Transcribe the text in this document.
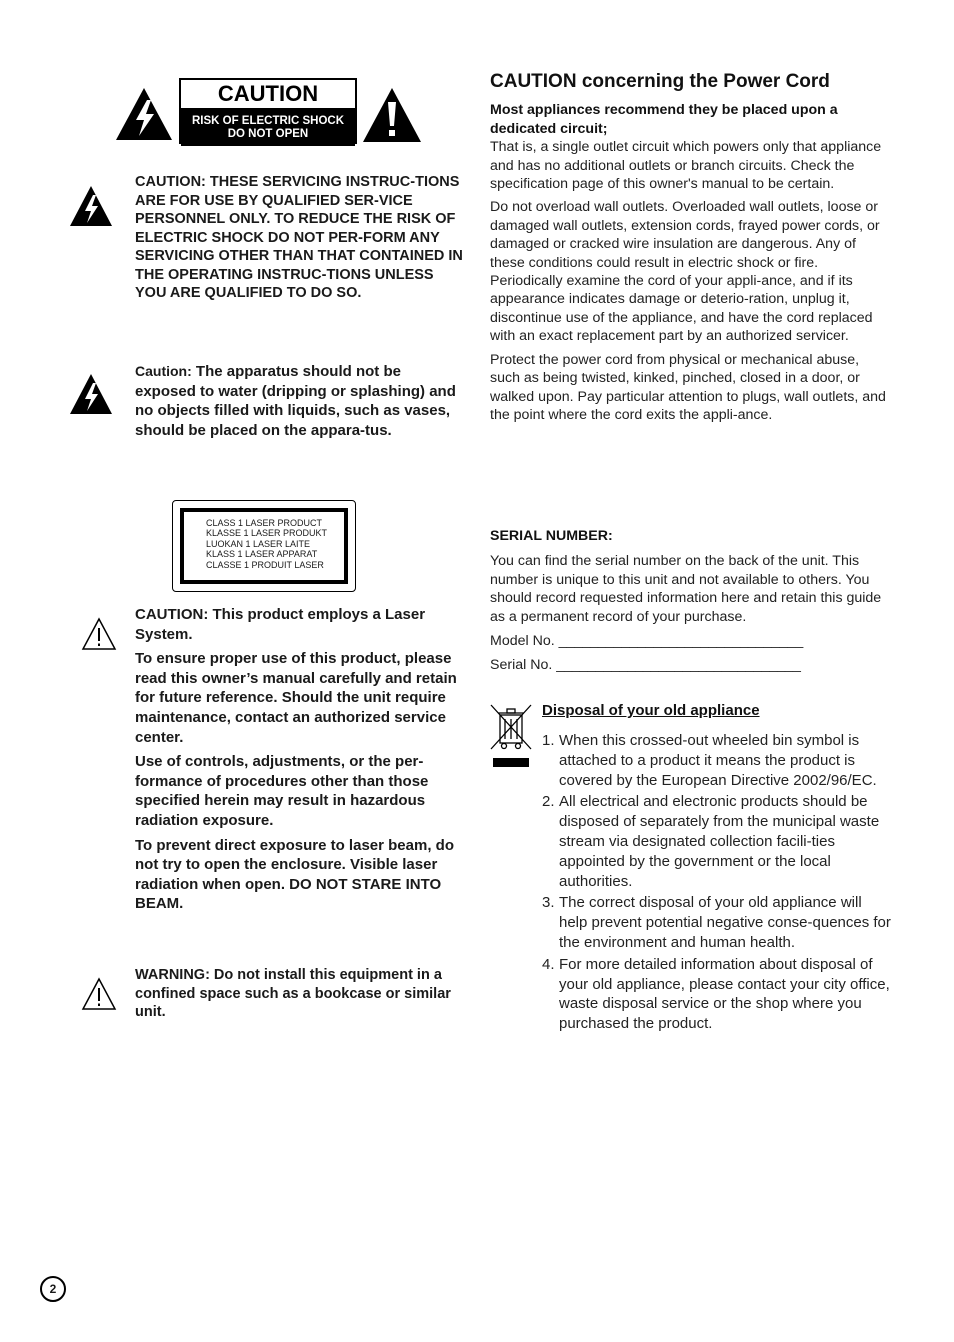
CAUTION
RISK OF ELECTRIC SHOCK
DO NOT OPEN

CAUTION: THESE SERVICING INSTRUC-TIONS ARE FOR USE BY QUALIFIED SER-VICE PERSONNEL ONLY. TO REDUCE THE RISK OF ELECTRIC SHOCK DO NOT PER-FORM ANY SERVICING OTHER THAN THAT CONTAINED IN THE OPERATING INSTRUC-TIONS UNLESS YOU ARE QUALIFIED TO DO SO.

Caution: The apparatus should not be exposed to water (dripping or splashing) and no objects filled with liquids, such as vases, should be placed on the appara-tus.

CLASS 1 LASER PRODUCT
KLASSE 1 LASER PRODUKT
LUOKAN 1 LASER LAITE
KLASS 1 LASER APPARAT
CLASSE 1 PRODUIT LASER

CAUTION: This product employs a Laser System.

To ensure proper use of this product, please read this owner’s manual carefully and retain for future reference. Should the unit require maintenance, contact an authorized service center.

Use of controls, adjustments, or the per-formance of procedures other than those specified herein may result in hazardous radiation exposure.

To prevent direct exposure to laser beam, do not try to open the enclosure. Visible laser radiation when open. DO NOT STARE INTO BEAM.

WARNING: Do not install this equipment in a confined space such as a bookcase or similar unit.

CAUTION concerning the Power Cord
Most appliances recommend they be placed upon a dedicated circuit;

That is, a single outlet circuit which powers only that appliance and has no additional outlets or branch circuits. Check the specification page of this owner's manual to be certain.

Do not overload wall outlets. Overloaded wall outlets, loose or damaged wall outlets, extension cords, frayed power cords, or damaged or cracked wire insulation are dangerous. Any of these conditions could result in electric shock or fire. Periodically examine the cord of your appli-ance, and if its appearance indicates damage or deterio-ration, unplug it, discontinue use of the appliance, and have the cord replaced with an exact replacement part by an authorized servicer.

Protect the power cord from physical or mechanical abuse, such as being twisted, kinked, pinched, closed in a door, or walked upon. Pay particular attention to plugs, wall outlets, and the point where the cord exits the appli-ance.

SERIAL NUMBER:

You can find the serial number on the back of the unit. This number is unique to this unit and not available to others. You should record requested information here and retain this guide as a permanent record of your purchase.

Model No. _______________________________
Serial No. _______________________________
Disposal of your old appliance
1. When this crossed-out wheeled bin symbol is attached to a product it means the product is covered by the European Directive 2002/96/EC.
2. All electrical and electronic products should be disposed of separately from the municipal waste stream via designated collection facili-ties appointed by the government or the local authorities.
3. The correct disposal of your old appliance will help prevent potential negative conse-quences for the environment and human health.
4. For more detailed information about disposal of your old appliance, please contact your city office, waste disposal service or the shop where you purchased the product.
2
